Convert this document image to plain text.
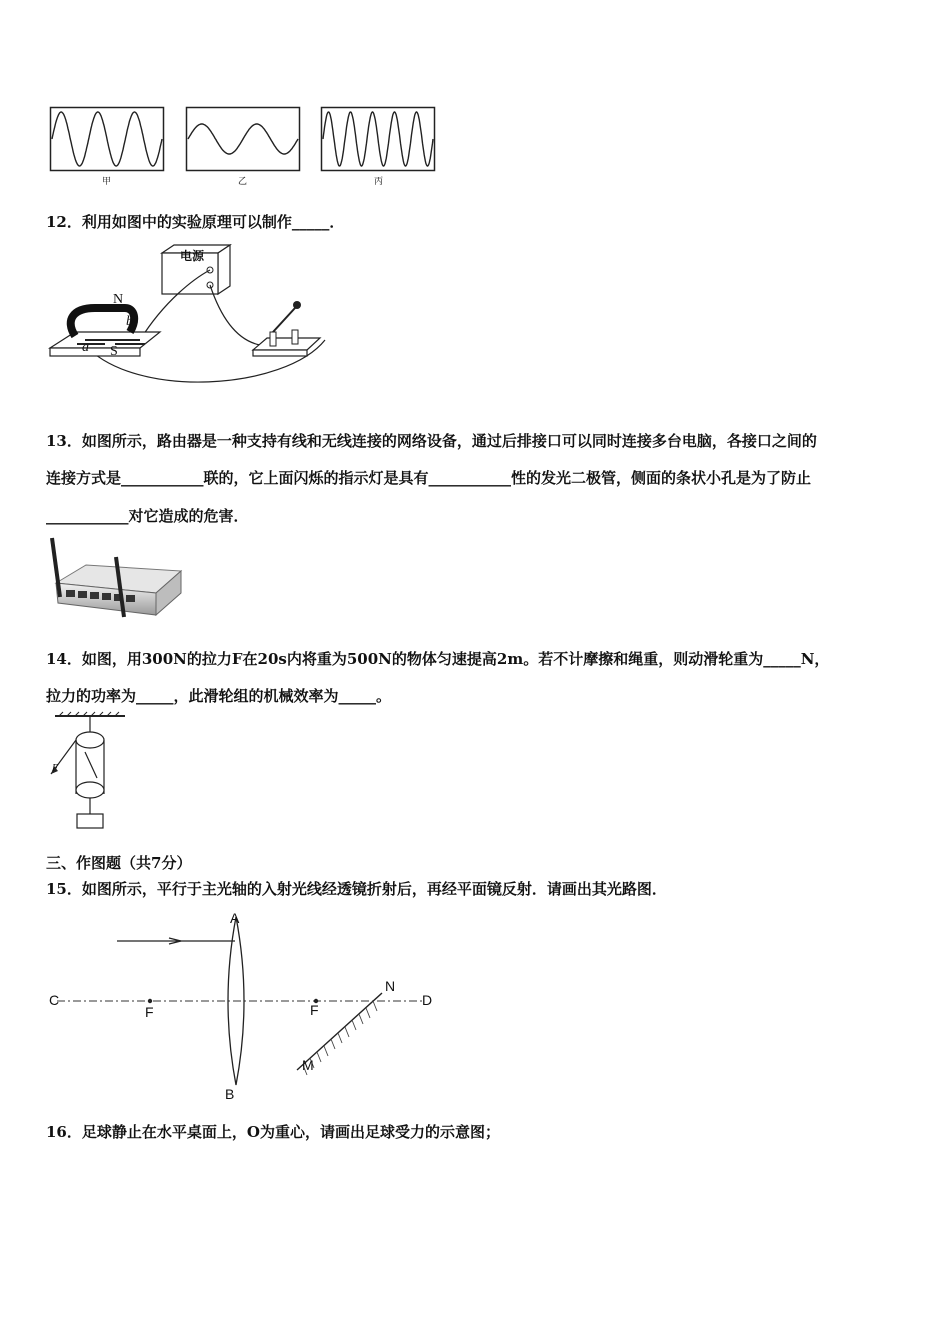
甲	乙	丙
12．利用如图中的实验原理可以制作_____．
电源
N
S
b
a
13．如图所示，路由器是一种支持有线和无线连接的网络设备，通过后排接口可以同时连接多台电脑，各接口之间的
连接方式是___________联的，它上面闪烁的指示灯是具有___________性的发光二极管，侧面的条状小孔是为了防止
___________对它造成的危害．
14．如图，用300N的拉力F在20s内将重为500N的物体匀速提高2m。若不计摩擦和绳重，则动滑轮重为_____N，
拉力的功率为_____，此滑轮组的机械效率为_____。
F
三、作图题（共7分）
15．如图所示，平行于主光轴的入射光线经透镜折射后，再经平面镜反射．请画出其光路图．
A
B
C	D
F	F
N
M
16．足球静止在水平桌面上，O为重心，请画出足球受力的示意图；
